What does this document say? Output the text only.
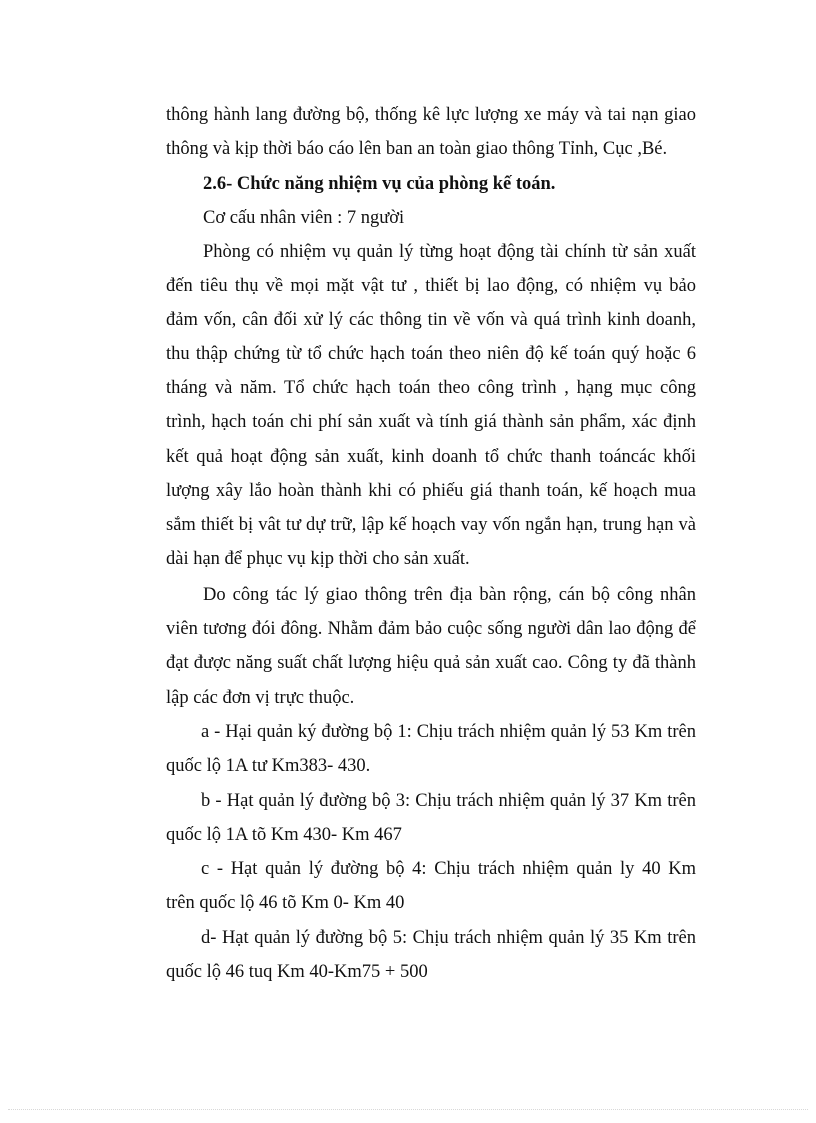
thông hành lang đường bộ, thống kê lực lượng xe máy và tai nạn giao
thông và kịp thời báo cáo lên ban an toàn giao thông Tỉnh, Cục ,Bé.
2.6- Chức năng nhiệm vụ của phòng kế toán.
Cơ cấu nhân viên : 7 người
Phòng có nhiệm vụ quản lý từng hoạt động tài chính từ sản xuất
đến tiêu thụ về mọi mặt vật tư , thiết bị lao động, có nhiệm vụ bảo
đảm vốn, cân đối xử lý các thông tin về vốn và quá trình kinh doanh,
thu thập chứng từ tổ chức hạch toán theo niên độ kế toán quý hoặc 6
tháng và năm. Tổ chức hạch toán theo công trình , hạng mục công
trình, hạch toán chi phí sản xuất và tính giá thành sản phẩm, xác định
kết quả hoạt động sản xuất, kinh doanh tổ chức thanh toáncác khối
lượng xây lắo hoàn thành khi có phiếu giá thanh toán, kế hoạch mua
sắm thiết bị vât tư dự trữ, lập kế hoạch vay vốn ngắn hạn, trung hạn và
dài hạn để phục vụ kịp thời cho sản xuất.
Do công tác lý giao thông trên địa bàn rộng, cán bộ công nhân
viên tương đói đông. Nhằm đảm bảo cuộc sống người dân lao động để
đạt được năng suất chất lượng hiệu quả sản xuất cao. Công ty đã thành
lập các đơn vị trực thuộc.
a - Hại quản ký đường bộ 1: Chịu trách nhiệm quản lý 53 Km trên
quốc lộ 1A tư Km383- 430.
b - Hạt quản lý đường bộ 3: Chịu trách nhiệm quản lý 37 Km trên
quốc lộ 1A tõ Km 430- Km 467
c - Hạt quản lý đường bộ 4: Chịu trách nhiệm quản ly 40 Km
trên quốc lộ 46 tõ Km 0- Km 40
d- Hạt quản lý đường bộ 5: Chịu trách nhiệm quản lý 35 Km trên
quốc lộ 46 tuq Km 40-Km75 + 500
